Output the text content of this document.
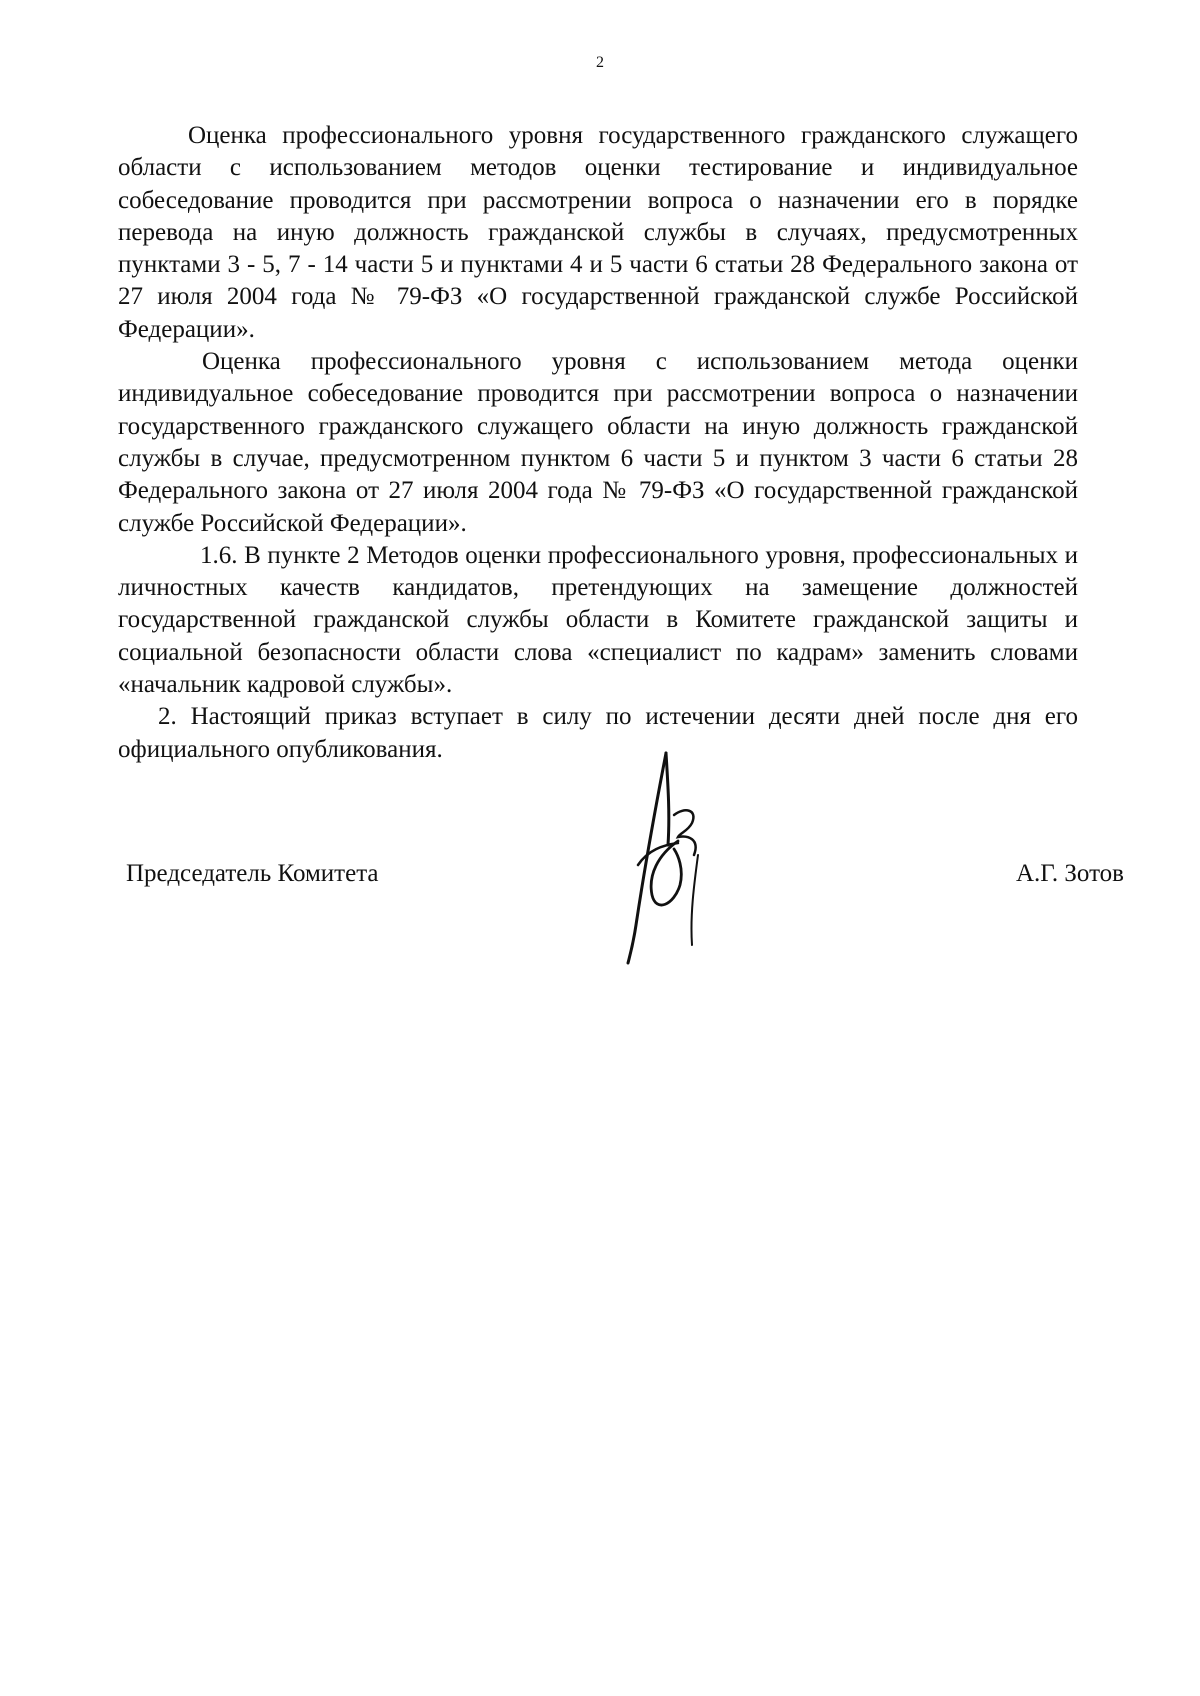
2

Оценка профессионального уровня государственного гражданского служащего области с использованием методов оценки тестирование и индивидуальное собеседование проводится при рассмотрении вопроса о назначении его в порядке перевода на иную должность гражданской службы в случаях, предусмотренных пунктами 3 - 5, 7 - 14 части 5 и пунктами 4 и 5 части 6 статьи 28 Федерального закона от 27 июля 2004 года № 79-ФЗ «О государственной гражданской службе Российской Федерации».

Оценка профессионального уровня с использованием метода оценки индивидуальное собеседование проводится при рассмотрении вопроса о назначении государственного гражданского служащего области на иную должность гражданской службы в случае, предусмотренном пунктом 6 части 5 и пунктом 3 части 6 статьи 28 Федерального закона от 27 июля 2004 года № 79-ФЗ «О государственной гражданской службе Российской Федерации».

1.6. В пункте 2 Методов оценки профессионального уровня, профессиональных и личностных качеств кандидатов, претендующих на замещение должностей государственной гражданской службы области в Комитете гражданской защиты и социальной безопасности области слова «специалист по кадрам» заменить словами «начальник кадровой службы».

2. Настоящий приказ вступает в силу по истечении десяти дней после дня его официального опубликования.

Председатель Комитета	А.Г. Зотов
